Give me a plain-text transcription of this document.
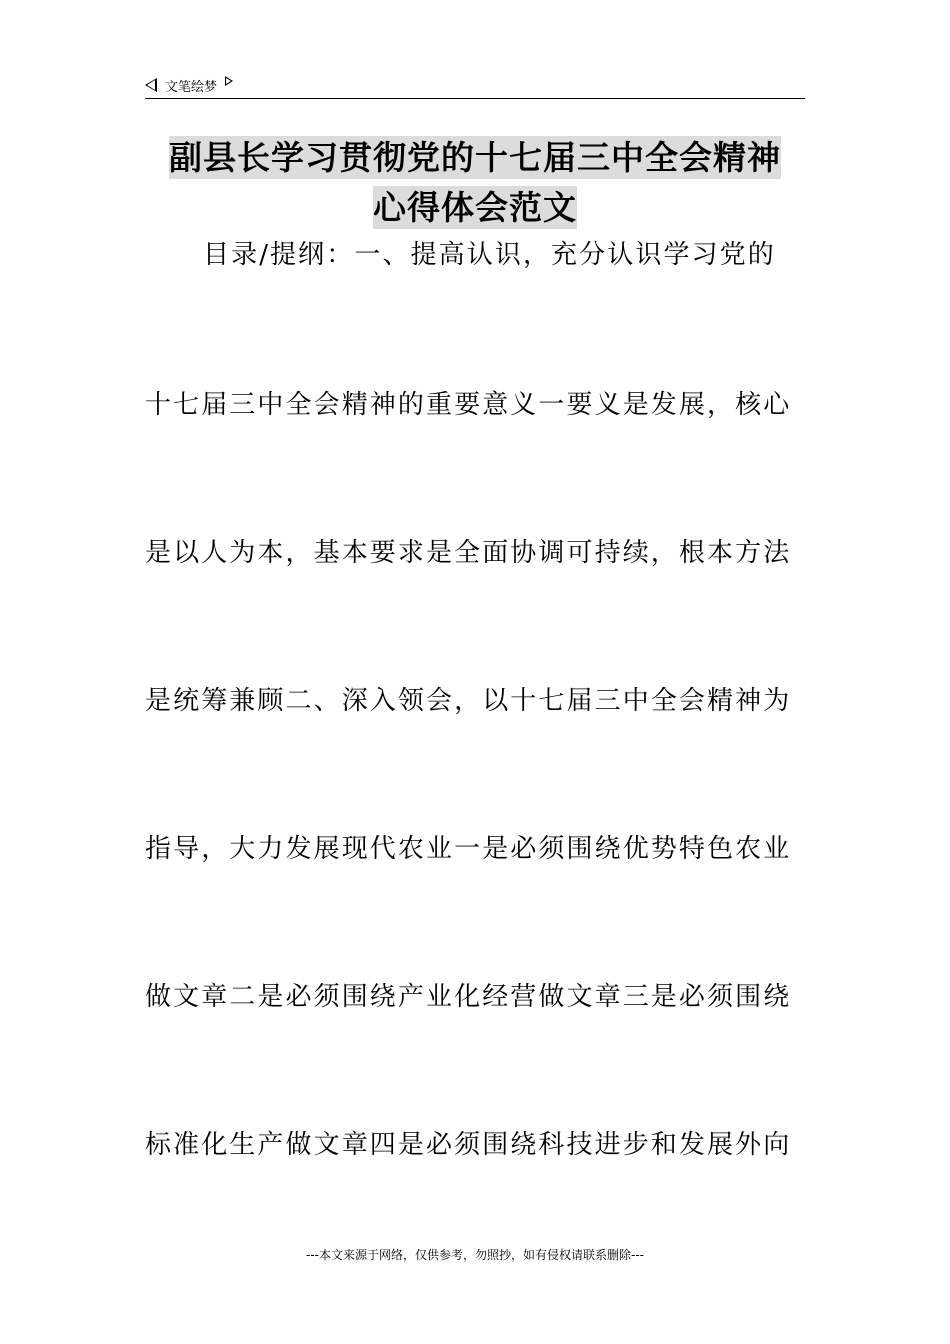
文笔绘梦
副县长学习贯彻党的十七届三中全会精神
心得体会范文
目录/提纲：一、提高认识，充分认识学习党的
十七届三中全会精神的重要意义一要义是发展，核心
是以人为本，基本要求是全面协调可持续，根本方法
是统筹兼顾二、深入领会，以十七届三中全会精神为
指导，大力发展现代农业一是必须围绕优势特色农业
做文章二是必须围绕产业化经营做文章三是必须围绕
标准化生产做文章四是必须围绕科技进步和发展外向
---本文来源于网络，仅供参考，勿照抄，如有侵权请联系删除---
